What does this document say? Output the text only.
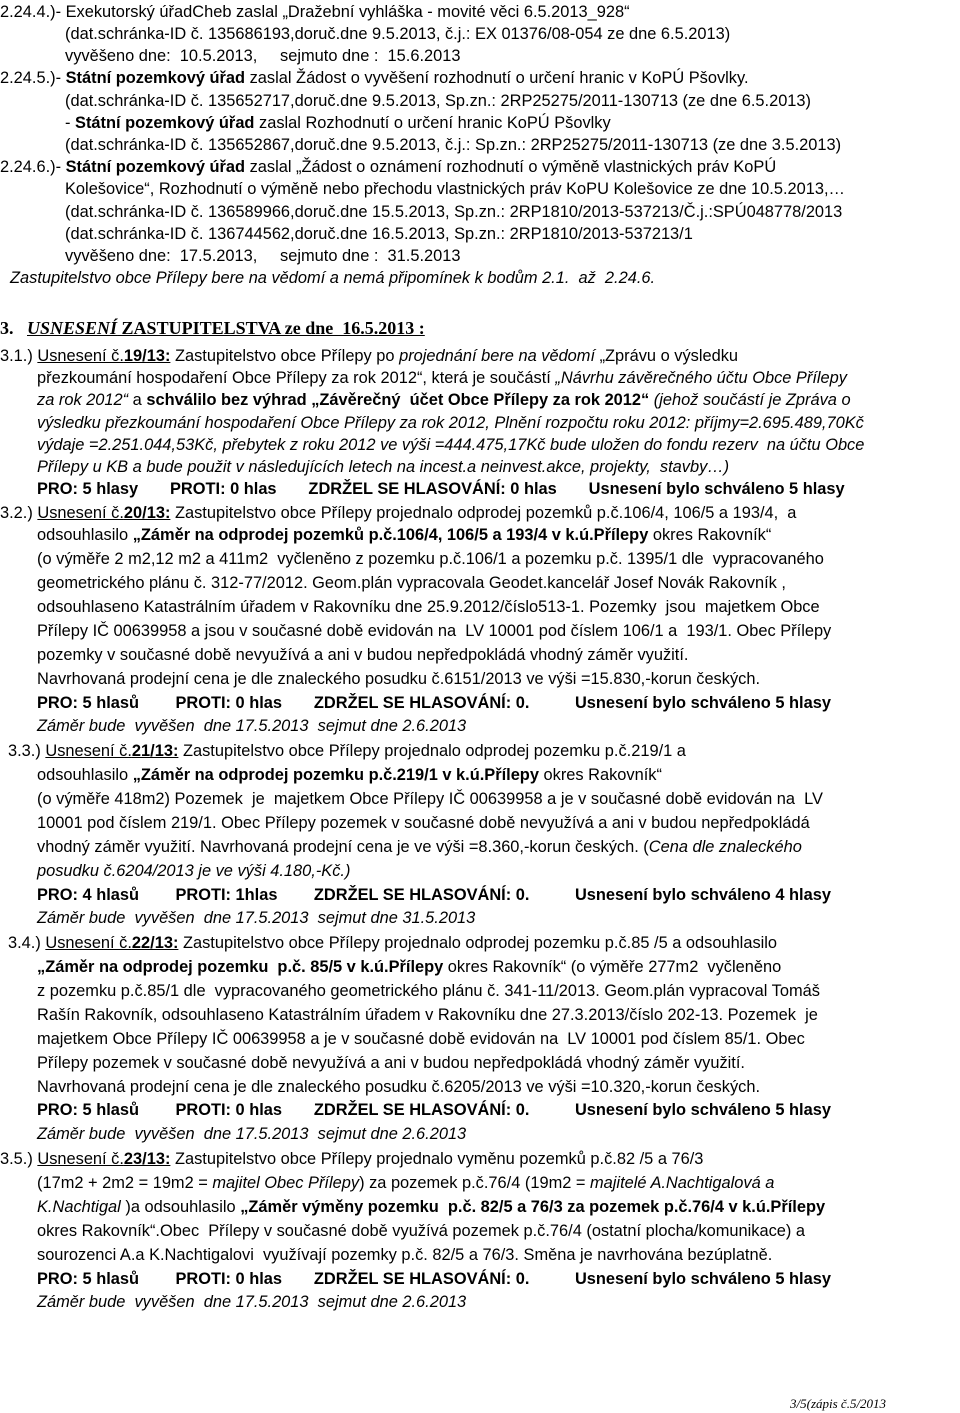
2.24.4.)- Exekutorský úřadCheb zaslal „Dražební vyhláška - movité věci 6.5.2013_928“
(dat.schránka-ID č. 135686193,doruč.dne 9.5.2013, č.j.: EX 01376/08-054 ze dne 6.5.2013)
vyvěšeno dne:  10.5.2013,     sejmuto dne :  15.6.2013
2.24.5.)- Státní pozemkový úřad zaslal Žádost o vyvěšení rozhodnutí o určení hranic v KoPÚ Pšovlky.
(dat.schránka-ID č. 135652717,doruč.dne 9.5.2013, Sp.zn.: 2RP25275/2011-130713 (ze dne 6.5.2013)
- Státní pozemkový úřad zaslal Rozhodnutí o určení hranic KoPÚ Pšovlky
(dat.schránka-ID č. 135652867,doruč.dne 9.5.2013, č.j.: Sp.zn.: 2RP25275/2011-130713 (ze dne 3.5.2013)
2.24.6.)- Státní pozemkový úřad zaslal „Žádost o oznámení rozhodnutí o výměně vlastnických práv KoPÚ
Kolešovice“, Rozhodnutí o výměně nebo přechodu vlastnických práv KoPU Kolešovice ze dne 10.5.2013,…
(dat.schránka-ID č. 136589966,doruč.dne 15.5.2013, Sp.zn.: 2RP1810/2013-537213/Č.j.:SPÚ048778/2013
(dat.schránka-ID č. 136744562,doruč.dne 16.5.2013, Sp.zn.: 2RP1810/2013-537213/1
vyvěšeno dne:  17.5.2013,     sejmuto dne :  31.5.2013
Zastupitelstvo obce Přílepy bere na vědomí a nemá připomínek k bodům 2.1.  až  2.24.6.
3.   USNESENÍ ZASTUPITELSTVA ze dne  16.5.2013 :
3.1.) Usnesení č.19/13: Zastupitelstvo obce Přílepy po projednání bere na vědomí „Zprávu o výsledku
přezkoumání hospodaření Obce Přílepy za rok 2012“, která je součástí „Návrhu závěrečného účtu Obce Přílepy
za rok 2012“ a schválilo bez výhrad „Závěrečný  účet Obce Přílepy za rok 2012“ (jehož součástí je Zpráva o
výsledku přezkoumání hospodaření Obce Přílepy za rok 2012, Plnění rozpočtu roku 2012: příjmy=2.695.489,70Kč
výdaje =2.251.044,53Kč, přebytek z roku 2012 ve výši =444.475,17Kč bude uložen do fondu rezerv  na účtu Obce
Přílepy u KB a bude použit v následujících letech na incest.a neinvest.akce, projekty,  stavby…)
PRO: 5 hlasy       PROTI: 0 hlas       ZDRŽEL SE HLASOVÁNÍ: 0 hlas       Usnesení bylo schváleno 5 hlasy
3.2.) Usnesení č.20/13: Zastupitelstvo obce Přílepy projednalo odprodej pozemků p.č.106/4, 106/5 a 193/4,  a
odsouhlasilo „Záměr na odprodej pozemků p.č.106/4, 106/5 a 193/4 v k.ú.Přílepy okres Rakovník“
(o výměře 2 m2,12 m2 a 411m2  vyčleněno z pozemku p.č.106/1 a pozemku p.č. 1395/1 dle  vypracovaného
geometrického plánu č. 312-77/2012. Geom.plán vypracovala Geodet.kancelář Josef Novák Rakovník ,
odsouhlaseno Katastrálním úřadem v Rakovníku dne 25.9.2012/číslo513-1. Pozemky  jsou  majetkem Obce
Přílepy IČ 00639958 a jsou v současné době evidován na  LV 10001 pod číslem 106/1 a  193/1. Obec Přílepy
pozemky v současné době nevyužívá a ani v budou nepředpokládá vhodný záměr využití.
Navrhovaná prodejní cena je dle znaleckého posudku č.6151/2013 ve výši =15.830,-korun českých.
PRO: 5 hlasů        PROTI: 0 hlas       ZDRŽEL SE HLASOVÁNÍ: 0.          Usnesení bylo schváleno 5 hlasy
Záměr bude  vyvěšen  dne 17.5.2013  sejmut dne 2.6.2013
3.3.) Usnesení č.21/13: Zastupitelstvo obce Přílepy projednalo odprodej pozemku p.č.219/1 a
odsouhlasilo „Záměr na odprodej pozemku p.č.219/1 v k.ú.Přílepy okres Rakovník“
(o výměře 418m2) Pozemek  je  majetkem Obce Přílepy IČ 00639958 a je v současné době evidován na  LV
10001 pod číslem 219/1. Obec Přílepy pozemek v současné době nevyužívá a ani v budou nepředpokládá
vhodný záměr využití. Navrhovaná prodejní cena je ve výši =8.360,-korun českých. (Cena dle znaleckého
posudku č.6204/2013 je ve výši 4.180,-Kč.)
PRO: 4 hlasů        PROTI: 1hlas        ZDRŽEL SE HLASOVÁNÍ: 0.          Usnesení bylo schváleno 4 hlasy
Záměr bude  vyvěšen  dne 17.5.2013  sejmut dne 31.5.2013
3.4.) Usnesení č.22/13: Zastupitelstvo obce Přílepy projednalo odprodej pozemku p.č.85 /5 a odsouhlasilo
„Záměr na odprodej pozemku  p.č. 85/5 v k.ú.Přílepy okres Rakovník“ (o výměře 277m2  vyčleněno
z pozemku p.č.85/1 dle  vypracovaného geometrického plánu č. 341-11/2013. Geom.plán vypracoval Tomáš
Rašín Rakovník, odsouhlaseno Katastrálním úřadem v Rakovníku dne 27.3.2013/číslo 202-13. Pozemek  je
majetkem Obce Přílepy IČ 00639958 a je v současné době evidován na  LV 10001 pod číslem 85/1. Obec
Přílepy pozemek v současné době nevyužívá a ani v budou nepředpokládá vhodný záměr využití.
Navrhovaná prodejní cena je dle znaleckého posudku č.6205/2013 ve výši =10.320,-korun českých.
PRO: 5 hlasů        PROTI: 0 hlas       ZDRŽEL SE HLASOVÁNÍ: 0.          Usnesení bylo schváleno 5 hlasy
Záměr bude  vyvěšen  dne 17.5.2013  sejmut dne 2.6.2013
3.5.) Usnesení č.23/13: Zastupitelstvo obce Přílepy projednalo vyměnu pozemků p.č.82 /5 a 76/3
(17m2 + 2m2 = 19m2 = majitel Obec Přílepy) za pozemek p.č.76/4 (19m2 = majitelé A.Nachtigalová a
K.Nachtigal )a odsouhlasilo „Záměr výměny pozemku  p.č. 82/5 a 76/3 za pozemek p.č.76/4 v k.ú.Přílepy
okres Rakovník“.Obec  Přílepy v současné době využívá pozemek p.č.76/4 (ostatní plocha/komunikace) a
sourozenci A.a K.Nachtigalovi  využívají pozemky p.č. 82/5 a 76/3. Směna je navrhována bezúplatně.
PRO: 5 hlasů        PROTI: 0 hlas       ZDRŽEL SE HLASOVÁNÍ: 0.          Usnesení bylo schváleno 5 hlasy
Záměr bude  vyvěšen  dne 17.5.2013  sejmut dne 2.6.2013
3/5(zápis č.5/2013
